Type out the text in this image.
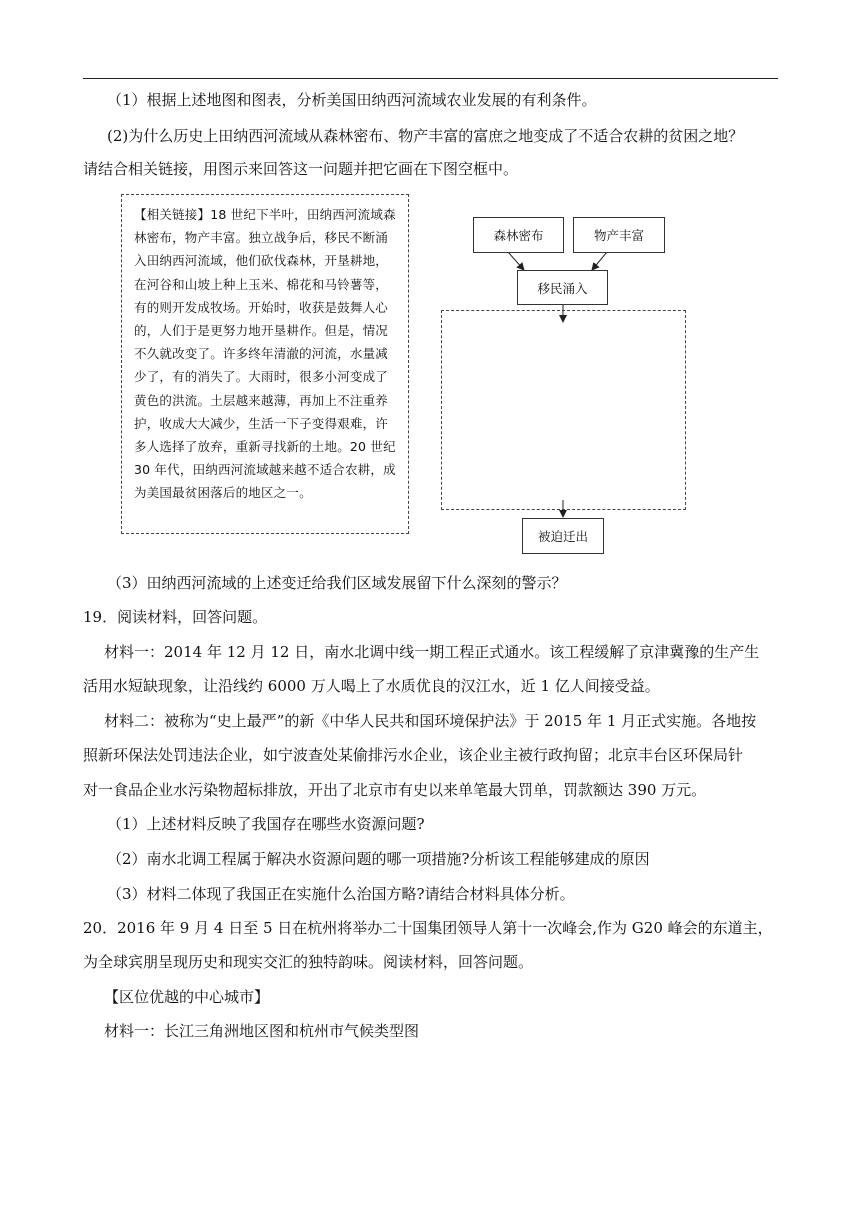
（1）根据上述地图和图表，分析美国田纳西河流域农业发展的有利条件。
(2)为什么历史上田纳西河流域从森林密布、物产丰富的富庶之地变成了不适合农耕的贫困之地？
请结合相关链接，用图示来回答这一问题并把它画在下图空框中。
【相关链接】18 世纪下半叶，田纳西河流域森林密布，物产丰富。独立战争后，移民不断涌入田纳西河流域，他们砍伐森林，开垦耕地，在河谷和山坡上种上玉米、棉花和马铃薯等，有的则开发成牧场。开始时，收获是鼓舞人心的，人们于是更努力地开垦耕作。但是，情况不久就改变了。许多终年清澈的河流，水量减少了，有的消失了。大雨时，很多小河变成了黄色的洪流。土层越来越薄，再加上不注重养护，收成大大减少，生活一下子变得艰难，许多人选择了放弃，重新寻找新的土地。20 世纪 30 年代，田纳西河流域越来越不适合农耕，成为美国最贫困落后的地区之一。
森林密布	物产丰富
移民涌入
被迫迁出
（3）田纳西河流域的上述变迁给我们区域发展留下什么深刻的警示？
19．阅读材料，回答问题。
材料一：2014 年 12 月 12 日，南水北调中线一期工程正式通水。该工程缓解了京津冀豫的生产生
活用水短缺现象，让沿线约 6000 万人喝上了水质优良的汉江水，近 1 亿人间接受益。
材料二：被称为“史上最严”的新《中华人民共和国环境保护法》于 2015 年 1 月正式实施。各地按
照新环保法处罚违法企业，如宁波查处某偷排污水企业，该企业主被行政拘留；北京丰台区环保局针
对一食品企业水污染物超标排放，开出了北京市有史以来单笔最大罚单，罚款额达 390 万元。
（1）上述材料反映了我国存在哪些水资源问题?
（2）南水北调工程属于解决水资源问题的哪一项措施?分析该工程能够建成的原因
（3）材料二体现了我国正在实施什么治国方略?请结合材料具体分析。
20．2016 年 9 月 4 日至 5 日在杭州将举办二十国集团领导人第十一次峰会,作为 G20 峰会的东道主，
为全球宾朋呈现历史和现实交汇的独特韵味。阅读材料，回答问题。
【区位优越的中心城市】
材料一：长江三角洲地区图和杭州市气候类型图
